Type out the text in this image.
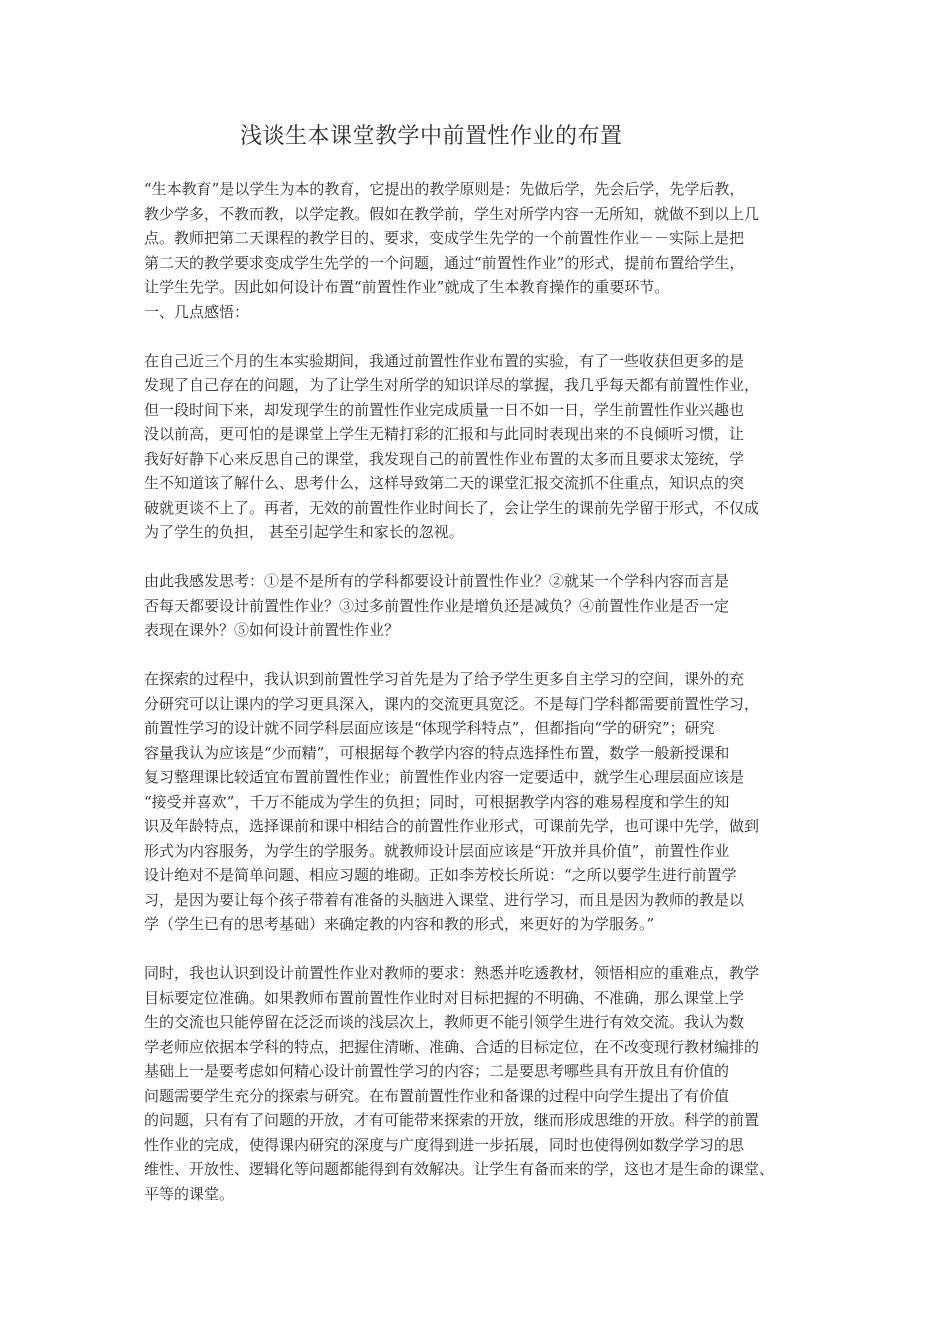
浅谈生本课堂教学中前置性作业的布置
“生本教育”是以学生为本的教育，它提出的教学原则是：先做后学，先会后学，先学后教，
教少学多，不教而教，以学定教。假如在教学前，学生对所学内容一无所知，就做不到以上几
点。教师把第二天课程的教学目的、要求，变成学生先学的一个前置性作业－－实际上是把
第二天的教学要求变成学生先学的一个问题，通过“前置性作业”的形式，提前布置给学生，
让学生先学。因此如何设计布置“前置性作业”就成了生本教育操作的重要环节。
一、几点感悟：
在自己近三个月的生本实验期间，我通过前置性作业布置的实验，有了一些收获但更多的是
发现了自己存在的问题，为了让学生对所学的知识详尽的掌握，我几乎每天都有前置性作业，
但一段时间下来，却发现学生的前置性作业完成质量一日不如一日，学生前置性作业兴趣也
没以前高，更可怕的是课堂上学生无精打彩的汇报和与此同时表现出来的不良倾听习惯，让
我好好静下心来反思自己的课堂，我发现自己的前置性作业布置的太多而且要求太笼统，学
生不知道该了解什么、思考什么，这样导致第二天的课堂汇报交流抓不住重点，知识点的突
破就更谈不上了。再者，无效的前置性作业时间长了，会让学生的课前先学留于形式，不仅成
为了学生的负担， 甚至引起学生和家长的忽视。
由此我感发思考：①是不是所有的学科都要设计前置性作业？②就某一个学科内容而言是
否每天都要设计前置性作业？③过多前置性作业是增负还是减负？④前置性作业是否一定
表现在课外？⑤如何设计前置性作业？
在探索的过程中，我认识到前置性学习首先是为了给予学生更多自主学习的空间，课外的充
分研究可以让课内的学习更具深入，课内的交流更具宽泛。不是每门学科都需要前置性学习，
前置性学习的设计就不同学科层面应该是“体现学科特点”，但都指向“学的研究”；研究
容量我认为应该是“少而精”，可根据每个教学内容的特点选择性布置，数学一般新授课和
复习整理课比较适宜布置前置性作业；前置性作业内容一定要适中，就学生心理层面应该是
“接受并喜欢”，千万不能成为学生的负担；同时，可根据教学内容的难易程度和学生的知
识及年龄特点，选择课前和课中相结合的前置性作业形式，可课前先学，也可课中先学，做到
形式为内容服务，为学生的学服务。就教师设计层面应该是“开放并具价值”，前置性作业
设计绝对不是简单问题、相应习题的堆砌。正如李芳校长所说：“之所以要学生进行前置学
习，是因为要让每个孩子带着有准备的头脑进入课堂、进行学习，而且是因为教师的教是以
学（学生已有的思考基础）来确定教的内容和教的形式，来更好的为学服务。”
同时，我也认识到设计前置性作业对教师的要求：熟悉并吃透教材，领悟相应的重难点，教学
目标要定位准确。如果教师布置前置性作业时对目标把握的不明确、不准确，那么课堂上学
生的交流也只能停留在泛泛而谈的浅层次上，教师更不能引领学生进行有效交流。我认为数
学老师应依据本学科的特点，把握住清晰、准确、合适的目标定位，在不改变现行教材编排的
基础上一是要考虑如何精心设计前置性学习的内容；二是要思考哪些具有开放且有价值的
问题需要学生充分的探索与研究。在布置前置性作业和备课的过程中向学生提出了有价值
的问题，只有有了问题的开放，才有可能带来探索的开放，继而形成思维的开放。科学的前置
性作业的完成，使得课内研究的深度与广度得到进一步拓展，同时也使得例如数学学习的思
维性、开放性、逻辑化等问题都能得到有效解决。让学生有备而来的学，这也才是生命的课堂、
平等的课堂。
